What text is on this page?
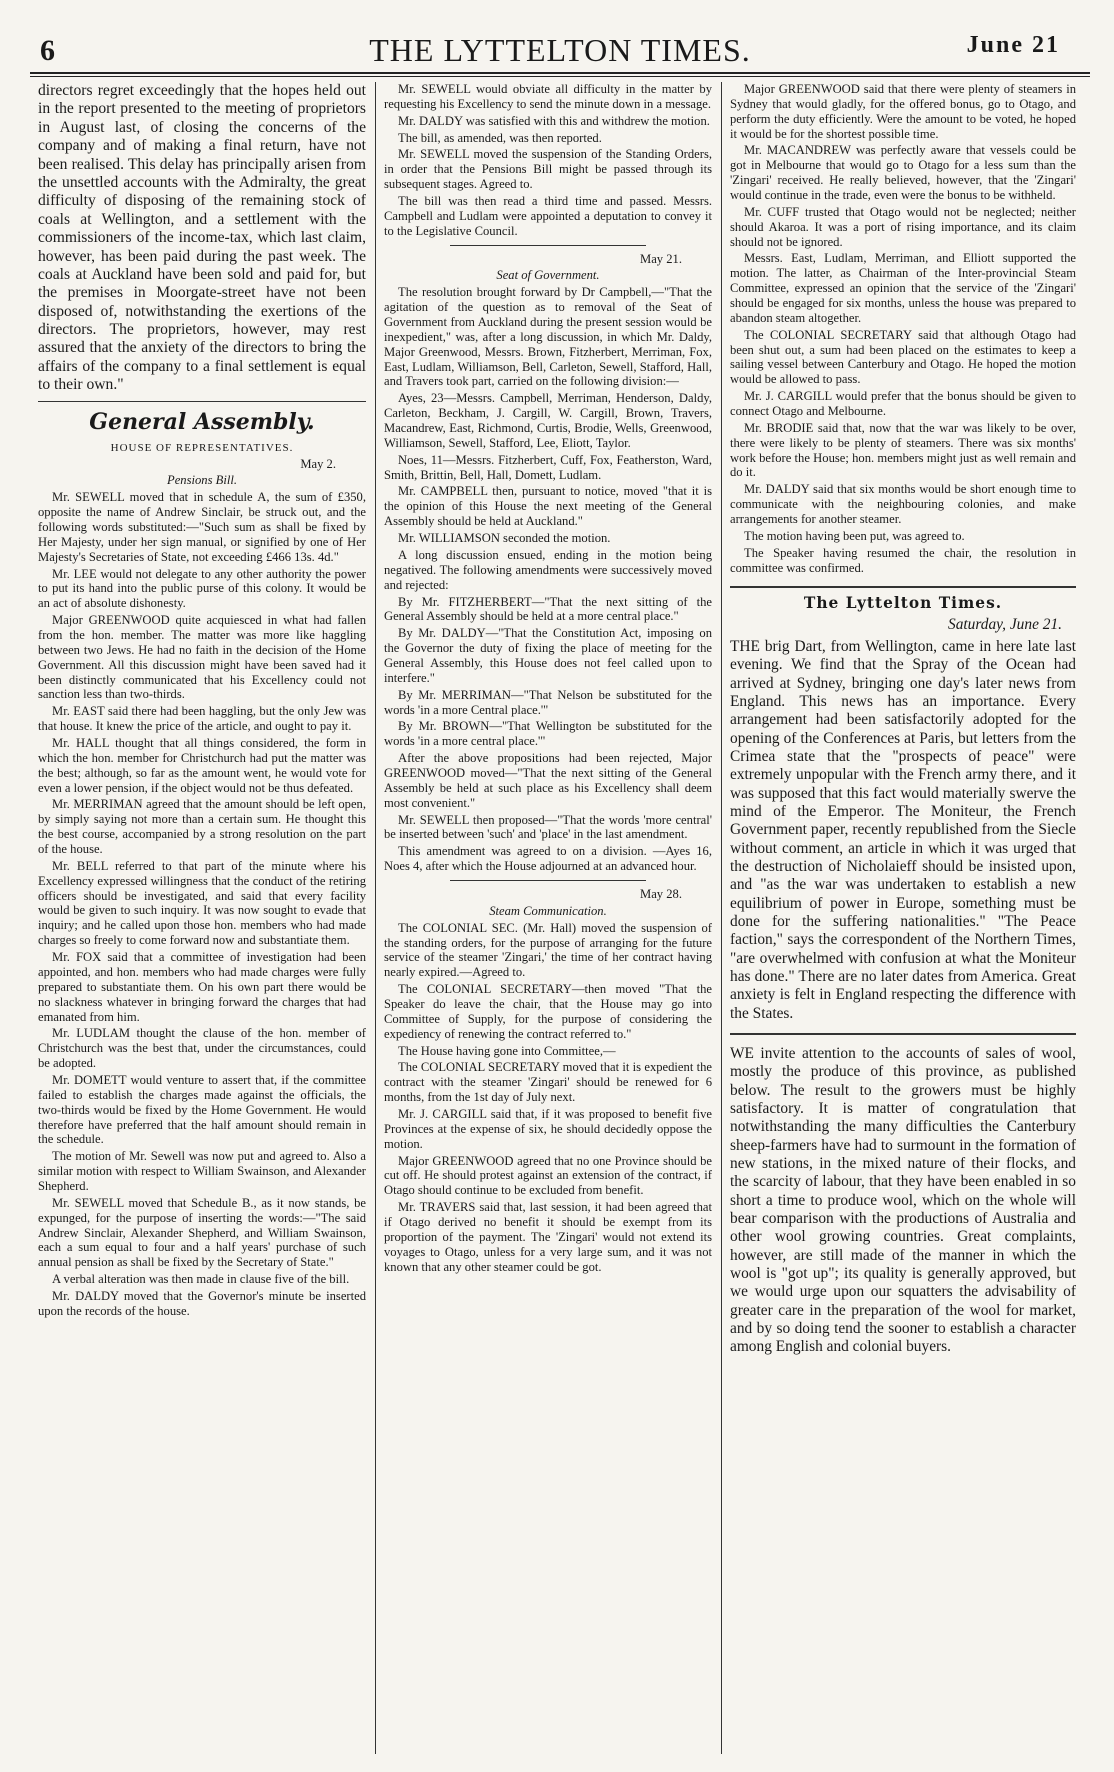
6	THE LYTTELTON TIMES.	June 21

directors regret exceedingly that the hopes held out in the report presented to the meeting of proprietors in August last, of closing the concerns of the company and of making a final return, have not been realised. This delay has principally arisen from the unsettled accounts with the Admiralty, the great difficulty of disposing of the remaining stock of coals at Wellington, and a settlement with the commissioners of the income-tax, which last claim, however, has been paid during the past week. The coals at Auckland have been sold and paid for, but the premises in Moorgate-street have not been disposed of, notwithstanding the exertions of the directors. The proprietors, however, may rest assured that the anxiety of the directors to bring the affairs of the company to a final settlement is equal to their own."

General Assembly.

HOUSE OF REPRESENTATIVES.

May 2.

Pensions Bill.

Mr. SEWELL moved that in schedule A, the sum of £350, opposite the name of Andrew Sinclair, be struck out, and the following words substituted:—"Such sum as shall be fixed by Her Majesty, under her sign manual, or signified by one of Her Majesty's Secretaries of State, not exceeding £466 13s. 4d."

Mr. LEE would not delegate to any other authority the power to put its hand into the public purse of this colony. It would be an act of absolute dishonesty.

Major GREENWOOD quite acquiesced in what had fallen from the hon. member. The matter was more like haggling between two Jews. He had no faith in the decision of the Home Government. All this discussion might have been saved had it been distinctly communicated that his Excellency could not sanction less than two-thirds.

Mr. EAST said there had been haggling, but the only Jew was that house. It knew the price of the article, and ought to pay it.

Mr. HALL thought that all things considered, the form in which the hon. member for Christchurch had put the matter was the best; although, so far as the amount went, he would vote for even a lower pension, if the object would not be thus defeated.

Mr. MERRIMAN agreed that the amount should be left open, by simply saying not more than a certain sum. He thought this the best course, accompanied by a strong resolution on the part of the house.

Mr. BELL referred to that part of the minute where his Excellency expressed willingness that the conduct of the retiring officers should be investigated, and said that every facility would be given to such inquiry. It was now sought to evade that inquiry; and he called upon those hon. members who had made charges so freely to come forward now and substantiate them.

Mr. FOX said that a committee of investigation had been appointed, and hon. members who had made charges were fully prepared to substantiate them. On his own part there would be no slackness whatever in bringing forward the charges that had emanated from him.

Mr. LUDLAM thought the clause of the hon. member of Christchurch was the best that, under the circumstances, could be adopted.

Mr. DOMETT would venture to assert that, if the committee failed to establish the charges made against the officials, the two-thirds would be fixed by the Home Government. He would therefore have preferred that the half amount should remain in the schedule.

The motion of Mr. Sewell was now put and agreed to. Also a similar motion with respect to William Swainson, and Alexander Shepherd.

Mr. SEWELL moved that Schedule B., as it now stands, be expunged, for the purpose of inserting the words:—"The said Andrew Sinclair, Alexander Shepherd, and William Swainson, each a sum equal to four and a half years' purchase of such annual pension as shall be fixed by the Secretary of State."

A verbal alteration was then made in clause five of the bill.

Mr. DALDY moved that the Governor's minute be inserted upon the records of the house.

Mr. SEWELL would obviate all difficulty in the matter by requesting his Excellency to send the minute down in a message.

Mr. DALDY was satisfied with this and withdrew the motion.

The bill, as amended, was then reported.

Mr. SEWELL moved the suspension of the Standing Orders, in order that the Pensions Bill might be passed through its subsequent stages. Agreed to.

The bill was then read a third time and passed. Messrs. Campbell and Ludlam were appointed a deputation to convey it to the Legislative Council.

May 21.

Seat of Government.

The resolution brought forward by Dr Campbell,—"That the agitation of the question as to removal of the Seat of Government from Auckland during the present session would be inexpedient," was, after a long discussion, in which Mr. Daldy, Major Greenwood, Messrs. Brown, Fitzherbert, Merriman, Fox, East, Ludlam, Williamson, Bell, Carleton, Sewell, Stafford, Hall, and Travers took part, carried on the following division:—

Ayes, 23—Messrs. Campbell, Merriman, Henderson, Daldy, Carleton, Beckham, J. Cargill, W. Cargill, Brown, Travers, Macandrew, East, Richmond, Curtis, Brodie, Wells, Greenwood, Williamson, Sewell, Stafford, Lee, Eliott, Taylor.

Noes, 11—Messrs. Fitzherbert, Cuff, Fox, Featherston, Ward, Smith, Brittin, Bell, Hall, Domett, Ludlam.

Mr. CAMPBELL then, pursuant to notice, moved "that it is the opinion of this House the next meeting of the General Assembly should be held at Auckland."

Mr. WILLIAMSON seconded the motion.

A long discussion ensued, ending in the motion being negatived. The following amendments were successively moved and rejected:

By Mr. FITZHERBERT—"That the next sitting of the General Assembly should be held at a more central place."

By Mr. DALDY—"That the Constitution Act, imposing on the Governor the duty of fixing the place of meeting for the General Assembly, this House does not feel called upon to interfere."

By Mr. MERRIMAN—"That Nelson be substituted for the words 'in a more Central place.'"

By Mr. BROWN—"That Wellington be substituted for the words 'in a more central place.'"

After the above propositions had been rejected, Major GREENWOOD moved—"That the next sitting of the General Assembly be held at such place as his Excellency shall deem most convenient."

Mr. SEWELL then proposed—"That the words 'more central' be inserted between 'such' and 'place' in the last amendment.

This amendment was agreed to on a division. —Ayes 16, Noes 4, after which the House adjourned at an advanced hour.

May 28.

Steam Communication.

The COLONIAL SEC. (Mr. Hall) moved the suspension of the standing orders, for the purpose of arranging for the future service of the steamer 'Zingari,' the time of her contract having nearly expired.—Agreed to.

The COLONIAL SECRETARY—then moved "That the Speaker do leave the chair, that the House may go into Committee of Supply, for the purpose of considering the expediency of renewing the contract referred to."

The House having gone into Committee,—

The COLONIAL SECRETARY moved that it is expedient the contract with the steamer 'Zingari' should be renewed for 6 months, from the 1st day of July next.

Mr. J. CARGILL said that, if it was proposed to benefit five Provinces at the expense of six, he should decidedly oppose the motion.

Major GREENWOOD agreed that no one Province should be cut off. He should protest against an extension of the contract, if Otago should continue to be excluded from benefit.

Mr. TRAVERS said that, last session, it had been agreed that if Otago derived no benefit it should be exempt from its proportion of the payment. The 'Zingari' would not extend its voyages to Otago, unless for a very large sum, and it was not known that any other steamer could be got.

Major GREENWOOD said that there were plenty of steamers in Sydney that would gladly, for the offered bonus, go to Otago, and perform the duty efficiently. Were the amount to be voted, he hoped it would be for the shortest possible time.

Mr. MACANDREW was perfectly aware that vessels could be got in Melbourne that would go to Otago for a less sum than the 'Zingari' received. He really believed, however, that the 'Zingari' would continue in the trade, even were the bonus to be withheld.

Mr. CUFF trusted that Otago would not be neglected; neither should Akaroa. It was a port of rising importance, and its claim should not be ignored.

Messrs. East, Ludlam, Merriman, and Elliott supported the motion. The latter, as Chairman of the Inter-provincial Steam Committee, expressed an opinion that the service of the 'Zingari' should be engaged for six months, unless the house was prepared to abandon steam altogether.

The COLONIAL SECRETARY said that although Otago had been shut out, a sum had been placed on the estimates to keep a sailing vessel between Canterbury and Otago. He hoped the motion would be allowed to pass.

Mr. J. CARGILL would prefer that the bonus should be given to connect Otago and Melbourne.

Mr. BRODIE said that, now that the war was likely to be over, there were likely to be plenty of steamers. There was six months' work before the House; hon. members might just as well remain and do it.

Mr. DALDY said that six months would be short enough time to communicate with the neighbouring colonies, and make arrangements for another steamer.

The motion having been put, was agreed to.

The Speaker having resumed the chair, the resolution in committee was confirmed.

The Lyttelton Times.

Saturday, June 21.

THE brig Dart, from Wellington, came in here late last evening. We find that the Spray of the Ocean had arrived at Sydney, bringing one day's later news from England. This news has an importance. Every arrangement had been satisfactorily adopted for the opening of the Conferences at Paris, but letters from the Crimea state that the "prospects of peace" were extremely unpopular with the French army there, and it was supposed that this fact would materially swerve the mind of the Emperor. The Moniteur, the French Government paper, recently republished from the Siecle without comment, an article in which it was urged that the destruction of Nicholaieff should be insisted upon, and "as the war was undertaken to establish a new equilibrium of power in Europe, something must be done for the suffering nationalities." "The Peace faction," says the correspondent of the Northern Times, "are overwhelmed with confusion at what the Moniteur has done." There are no later dates from America. Great anxiety is felt in England respecting the difference with the States.

WE invite attention to the accounts of sales of wool, mostly the produce of this province, as published below. The result to the growers must be highly satisfactory. It is matter of congratulation that notwithstanding the many difficulties the Canterbury sheep-farmers have had to surmount in the formation of new stations, in the mixed nature of their flocks, and the scarcity of labour, that they have been enabled in so short a time to produce wool, which on the whole will bear comparison with the productions of Australia and other wool growing countries. Great complaints, however, are still made of the manner in which the wool is "got up"; its quality is generally approved, but we would urge upon our squatters the advisability of greater care in the preparation of the wool for market, and by so doing tend the sooner to establish a character among English and colonial buyers.
